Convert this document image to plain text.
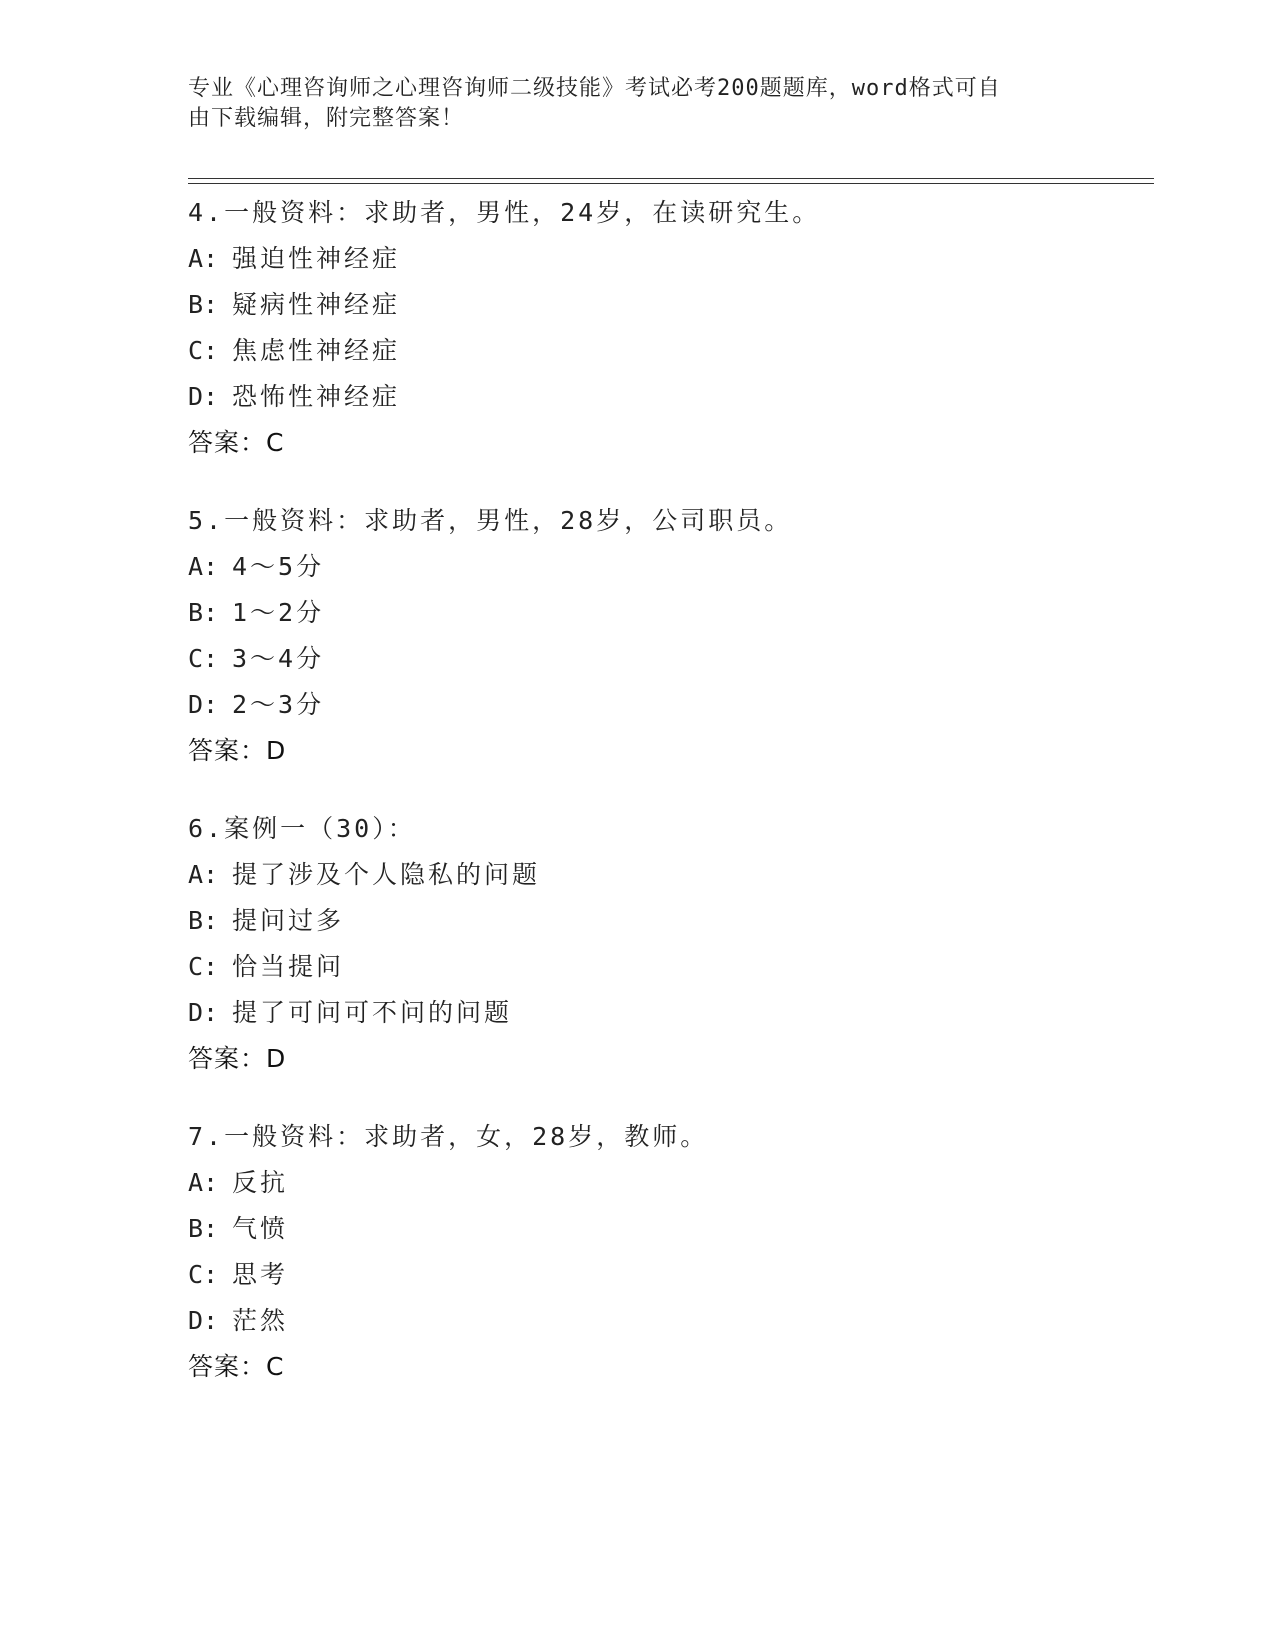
专业《心理咨询师之心理咨询师二级技能》考试必考200题题库，word格式可自
由下载编辑，附完整答案！
4.一般资料：求助者，男性，24岁，在读研究生。
A: 强迫性神经症
B: 疑病性神经症
C: 焦虑性神经症
D: 恐怖性神经症
答案：C
5.一般资料：求助者，男性，28岁，公司职员。
A: 4～5分
B: 1～2分
C: 3～4分
D: 2～3分
答案：D
6.案例一（30）：
A: 提了涉及个人隐私的问题
B: 提问过多
C: 恰当提问
D: 提了可问可不问的问题
答案：D
7.一般资料：求助者，女，28岁，教师。
A: 反抗
B: 气愤
C: 思考
D: 茫然
答案：C
